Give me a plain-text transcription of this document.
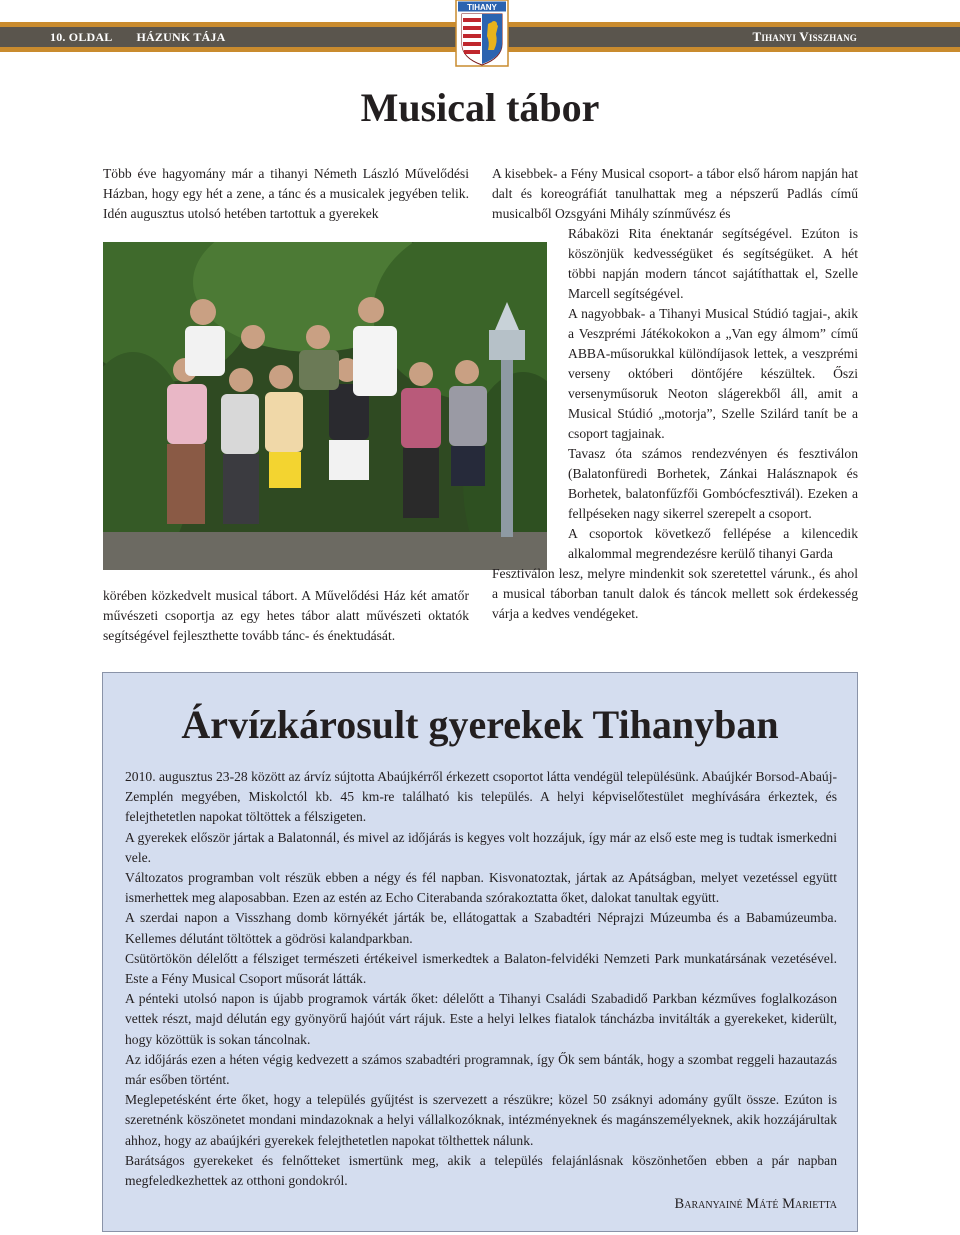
10. OLDAL HÁZUNK TÁJA	Tihanyi Visszhang
TIHANY
Musical tábor

Több éve hagyomány már a tihanyi Németh László Művelődési Házban, hogy egy hét a zene, a tánc és a musicalek jegyében telik. Idén augusztus utolsó hetében tartottuk a gyerekek

körében közkedvelt musical tábort. A Művelődési Ház két amatőr művészeti csoportja az egy hetes tábor alatt művészeti oktatók segítségével fejleszthette tovább tánc- és énektudását.

A kisebbek- a Fény Musical csoport- a tábor első három napján hat dalt és koreográfiát tanulhattak meg a népszerű Padlás című musicalből Ozsgyáni Mihály színművész és

Rábaközi Rita énektanár segítségével. Ezúton is köszönjük kedvességüket és segítségüket. A hét többi napján modern táncot sajátíthattak el, Szelle Marcell segítségével.

A nagyobbak- a Tihanyi Musical Stúdió tagjai-, akik a Veszprémi Játékokokon a „Van egy álmom” című ABBA-műsorukkal különdíjasok lettek, a veszprémi verseny októberi döntőjére készültek. Őszi versenyműsoruk Neoton slágerekből áll, amit a Musical Stúdió „motorja”, Szelle Szilárd tanít be a csoport tagjainak.

Tavasz óta számos rendezvényen és fesztiválon (Balatonfüredi Borhetek, Zánkai Halásznapok és Borhetek, balatonfűzfői Gombócfesztivál). Ezeken a fellpéseken nagy sikerrel szerepelt a csoport.

A csoportok következő fellépése a kilencedik alkalommal megrendezésre kerülő tihanyi Garda

Fesztiválon lesz, melyre mindenkit sok szeretettel várunk., és ahol a musical táborban tanult dalok és táncok mellett sok érdekesség várja a kedves vendégeket.

Árvízkárosult gyerekek Tihanyban

2010. augusztus 23-28 között az árvíz sújtotta Abaújkérről érkezett csoportot látta vendégül településünk. Abaújkér Borsod-Abaúj-Zemplén megyében, Miskolctól kb. 45 km-re található kis település. A helyi képviselőtestület meghívására érkeztek, és felejthetetlen napokat töltöttek a félszigeten.

A gyerekek először jártak a Balatonnál, és mivel az időjárás is kegyes volt hozzájuk, így már az első este meg is tudtak ismerkedni vele.

Változatos programban volt részük ebben a négy és fél napban. Kisvonatoztak, jártak az Apátságban, melyet vezetéssel együtt ismerhettek meg alaposabban. Ezen az estén az Echo Citerabanda szórakoztatta őket, dalokat tanultak együtt.

A szerdai napon a Visszhang domb környékét járták be, ellátogattak a Szabadtéri Néprajzi Múzeumba és a Babamúzeumba. Kellemes délutánt töltöttek a gödrösi kalandparkban.

Csütörtökön délelőtt a félsziget természeti értékeivel ismerkedtek a Balaton-felvidéki Nemzeti Park munkatársának vezetésével. Este a Fény Musical Csoport műsorát látták.

A pénteki utolsó napon is újabb programok várták őket: délelőtt a Tihanyi Családi Szabadidő Parkban kézműves foglalkozáson vettek részt, majd délután egy gyönyörű hajóút várt rájuk. Este a helyi lelkes fiatalok táncházba invitálták a gyerekeket, kiderült, hogy közöttük is sokan táncolnak.

Az időjárás ezen a héten végig kedvezett a számos szabadtéri programnak, így Ők sem bánták, hogy a szombat reggeli hazautazás már esőben történt.

Meglepetésként érte őket, hogy a település gyűjtést is szervezett a részükre; közel 50 zsáknyi adomány gyűlt össze. Ezúton is szeretnénk köszönetet mondani mindazoknak a helyi vállalkozóknak, intézményeknek és magánszemélyeknek, akik hozzájárultak ahhoz, hogy az abaújkéri gyerekek felejthetetlen napokat tölthettek nálunk.

Barátságos gyerekeket és felnőtteket ismertünk meg, akik a település felajánlásnak köszönhetően ebben a pár napban megfeledkezhettek az otthoni gondokról.

Baranyainé Máté Marietta
